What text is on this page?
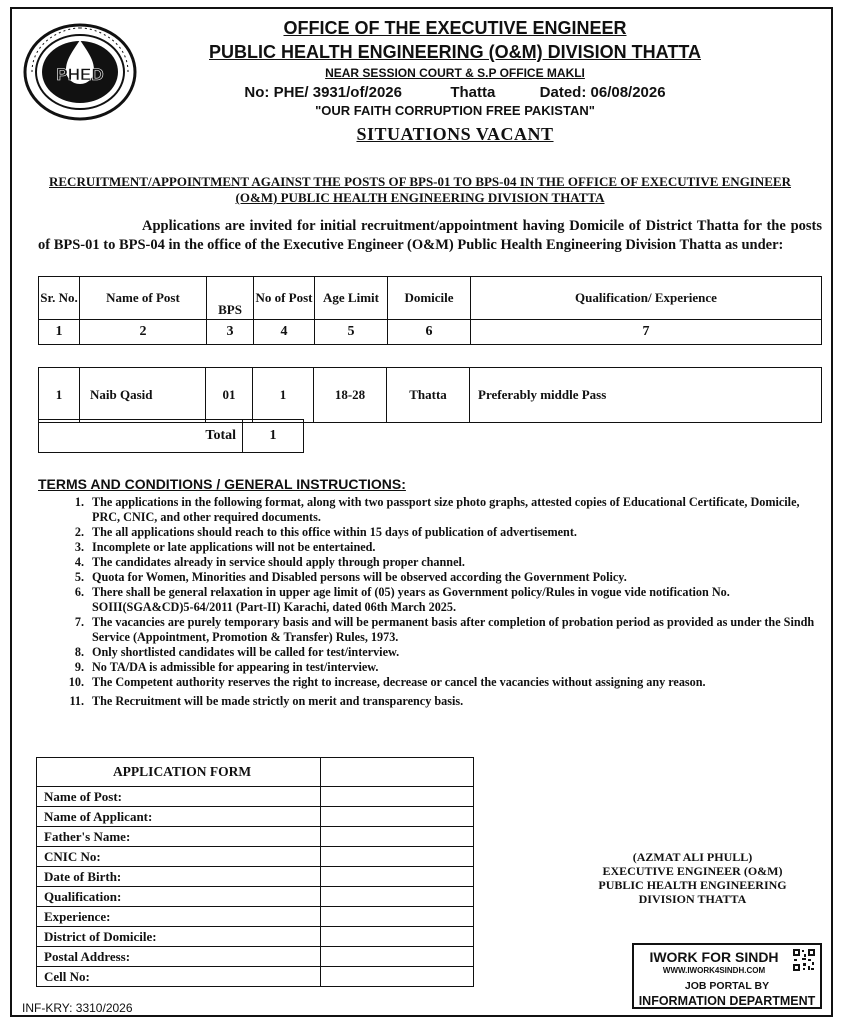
PHED
OFFICE OF THE EXECUTIVE ENGINEER
PUBLIC HEALTH ENGINEERING (O&M) DIVISION THATTA
NEAR SESSION COURT & S.P OFFICE MAKLI
No: PHE/ 3931/of/2026	Thatta	Dated: 06/08/2026
"OUR FAITH CORRUPTION FREE PAKISTAN"
SITUATIONS VACANT
RECRUITMENT/APPOINTMENT AGAINST THE POSTS OF BPS-01 TO BPS-04 IN THE OFFICE OF EXECUTIVE ENGINEER (O&M) PUBLIC HEALTH ENGINEERING DIVISION THATTA
Applications are invited for initial recruitment/appointment having Domicile of District Thatta for the posts of BPS-01 to BPS-04 in the office of the Executive Engineer (O&M) Public Health Engineering Division Thatta as under:
Sr. No.	Name of Post	BPS	No of Post	Age Limit	Domicile	Qualification/ Experience
1	2	3	4	5	6	7
1	Naib Qasid	01	1	18-28	Thatta	Preferably middle Pass
Total	1
TERMS AND CONDITIONS / GENERAL INSTRUCTIONS:
1. The applications in the following format, along with two passport size photo graphs, attested copies of Educational Certificate, Domicile, PRC, CNIC, and other required documents.
2. The all applications should reach to this office within 15 days of publication of advertisement.
3. Incomplete or late applications will not be entertained.
4. The candidates already in service should apply through proper channel.
5. Quota for Women, Minorities and Disabled persons will be observed according the Government Policy.
6. There shall be general relaxation in upper age limit of (05) years as Government policy/Rules in vogue vide notification No. SOIII(SGA&CD)5-64/2011 (Part-II) Karachi, dated 06th March 2025.
7. The vacancies are purely temporary basis and will be permanent basis after completion of probation period as provided as under the Sindh Service (Appointment, Promotion & Transfer) Rules, 1973.
8. Only shortlisted candidates will be called for test/interview.
9. No TA/DA is admissible for appearing in test/interview.
10. The Competent authority reserves the right to increase, decrease or cancel the vacancies without assigning any reason.
11. The Recruitment will be made strictly on merit and transparency basis.
APPLICATION FORM	
Name of Post:	
Name of Applicant:	
Father's Name:	
CNIC No:	
Date of Birth:	
Qualification:	
Experience:	
District of Domicile:	
Postal Address:	
Cell No:	
(AZMAT ALI PHULL)
EXECUTIVE ENGINEER (O&M)
PUBLIC HEALTH ENGINEERING
DIVISION THATTA
INF-KRY: 3310/2026
ƖWORK FOR SINDH
WWW.IWORK4SINDH.COM
JOB PORTAL BY
INFORMATION DEPARTMENT
